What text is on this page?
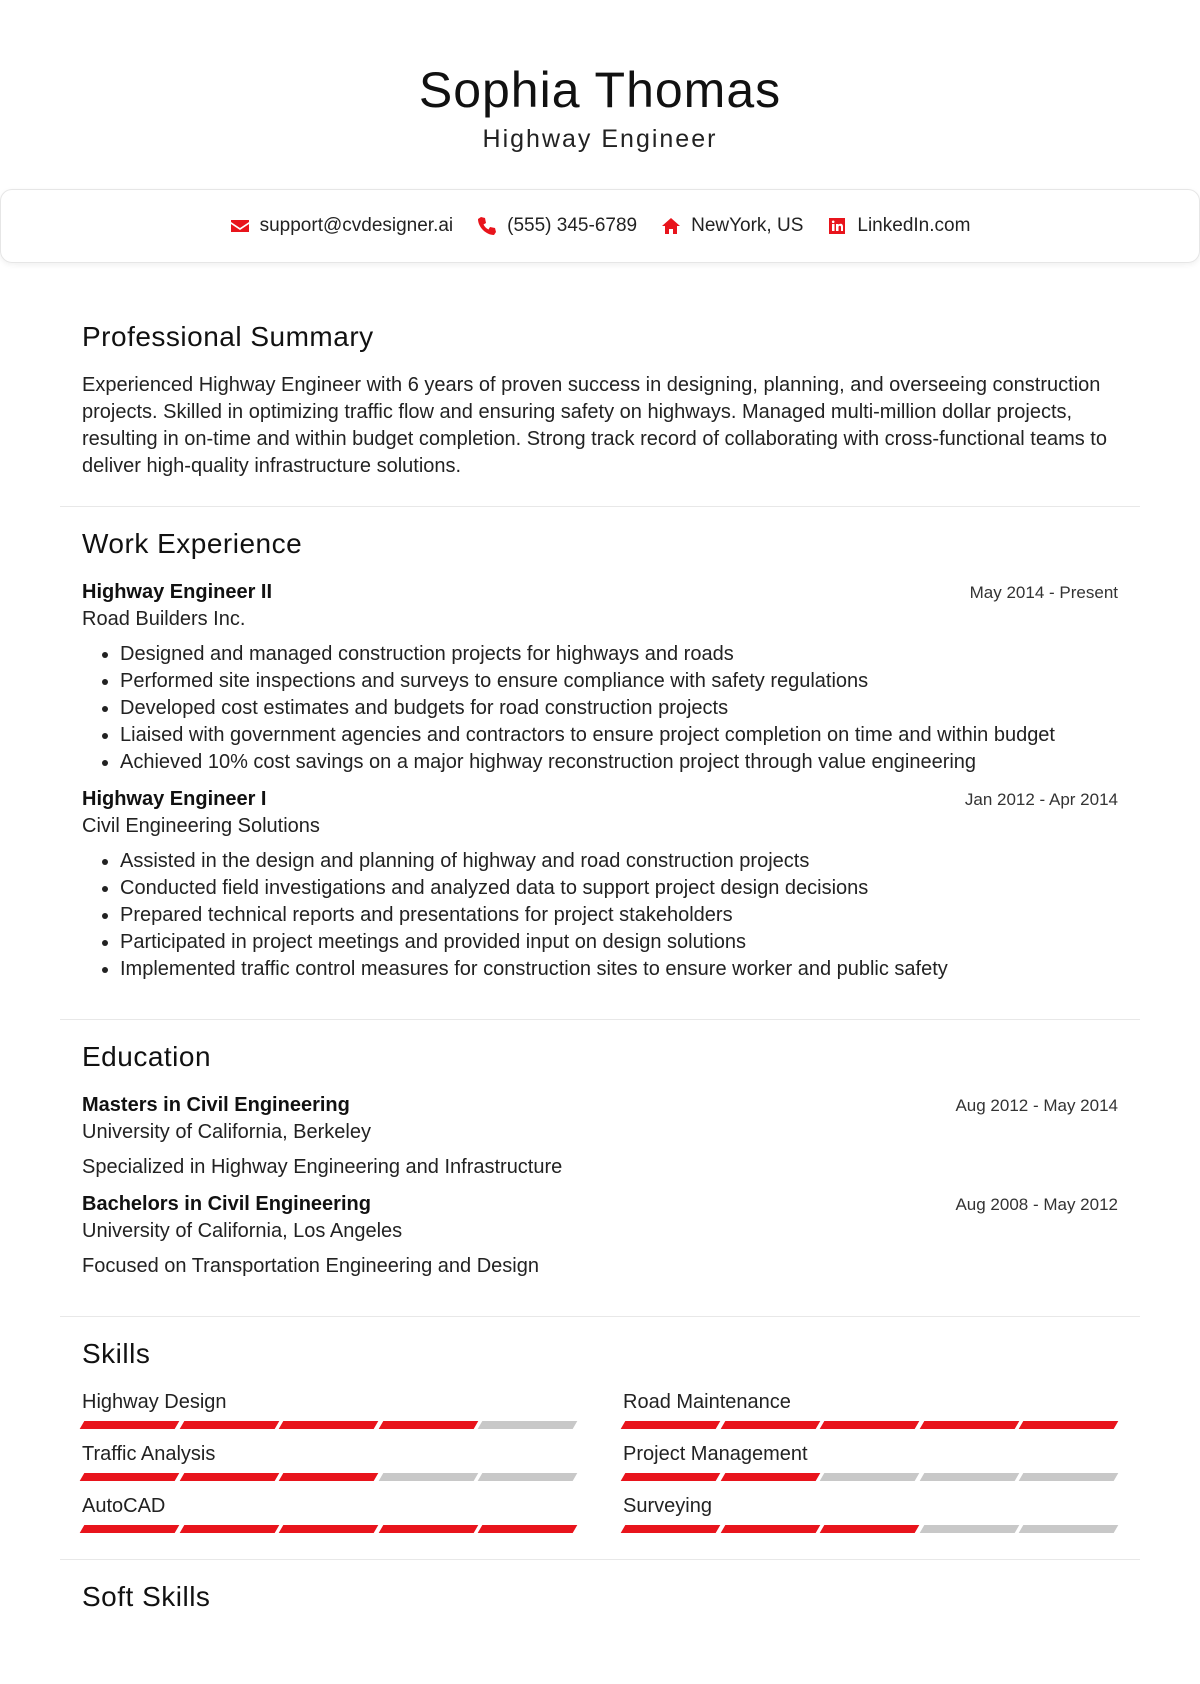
Sophia Thomas
Highway Engineer
support@cvdesigner.ai	(555) 345-6789	NewYork, US	LinkedIn.com
Professional Summary
Experienced Highway Engineer with 6 years of proven success in designing, planning, and overseeing construction projects. Skilled in optimizing traffic flow and ensuring safety on highways. Managed multi-million dollar projects, resulting in on-time and within budget completion. Strong track record of collaborating with cross-functional teams to deliver high-quality infrastructure solutions.
Work Experience
Highway Engineer II	May 2014 - Present
Road Builders Inc.
• Designed and managed construction projects for highways and roads
• Performed site inspections and surveys to ensure compliance with safety regulations
• Developed cost estimates and budgets for road construction projects
• Liaised with government agencies and contractors to ensure project completion on time and within budget
• Achieved 10% cost savings on a major highway reconstruction project through value engineering
Highway Engineer I	Jan 2012 - Apr 2014
Civil Engineering Solutions
• Assisted in the design and planning of highway and road construction projects
• Conducted field investigations and analyzed data to support project design decisions
• Prepared technical reports and presentations for project stakeholders
• Participated in project meetings and provided input on design solutions
• Implemented traffic control measures for construction sites to ensure worker and public safety
Education
Masters in Civil Engineering	Aug 2012 - May 2014
University of California, Berkeley
Specialized in Highway Engineering and Infrastructure
Bachelors in Civil Engineering	Aug 2008 - May 2012
University of California, Los Angeles
Focused on Transportation Engineering and Design
Skills
Highway Design	Road Maintenance
Traffic Analysis	Project Management
AutoCAD	Surveying
Soft Skills
